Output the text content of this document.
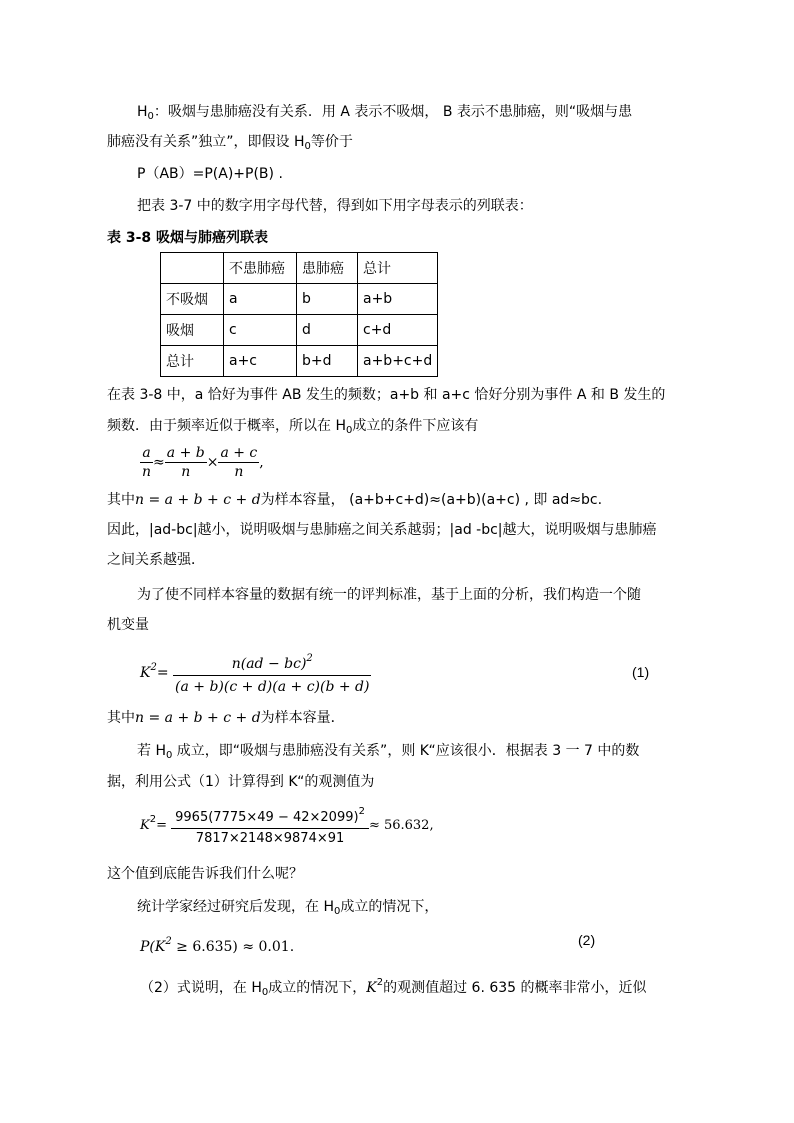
$H_0$：吸烟与患肺癌没有关系．用 A 表示不吸烟， B 表示不患肺癌，则“吸烟与患
肺癌没有关系”独立”，即假设 $H_0$等价于
P（AB）=P(A)+P(B) .
把表 3-7 中的数字用字母代替，得到如下用字母表示的列联表：
表 3-8 吸烟与肺癌列联表
	不患肺癌	患肺癌	总计
不吸烟	a	b	a+b
吸烟	c	d	c+d
总计	a+c	b+d	a+b+c+d
在表 3-8 中，a 恰好为事件 AB 发生的频数；a+b 和 a+c 恰好分别为事件 A 和 B 发生的
频数．由于频率近似于概率，所以在 $H_0$成立的条件下应该有
$\frac{a}{n} \approx \frac{a + b}{n} \times \frac{a + c}{n}$ ,
其中n = a + b + c + d为样本容量， (a+b+c+d)≈(a+b)(a+c) , 即 ad≈bc.
因此，|ad-bc|越小，说明吸烟与患肺癌之间关系越弱；|ad -bc|越大，说明吸烟与患肺癌
之间关系越强．
为了使不同样本容量的数据有统一的评判标准，基于上面的分析，我们构造一个随
机变量
$K^2= \frac{n(ad - bc)^2}{(a + b)(c + d)(a + c)(b + d)}$	(1)
其中n = a + b + c + d为样本容量．
若 $H_0$ 成立，即“吸烟与患肺癌没有关系”，则 K“应该很小．根据表 3 一 7 中的数
据，利用公式（1）计算得到 K“的观测值为
$K^2= \frac{9965(7775\times 49 - 42\times 2099)^2}{7817\times 2148\times 9874\times 91} \approx 56.632$,
这个值到底能告诉我们什么呢？
统计学家经过研究后发现，在 $H_0$成立的情况下，
$P(K^2 \ge 6.635) \approx 0.01$.	(2)
（2）式说明，在 $H_0$成立的情况下，$K^2$的观测值超过 6. 635 的概率非常小，近似
